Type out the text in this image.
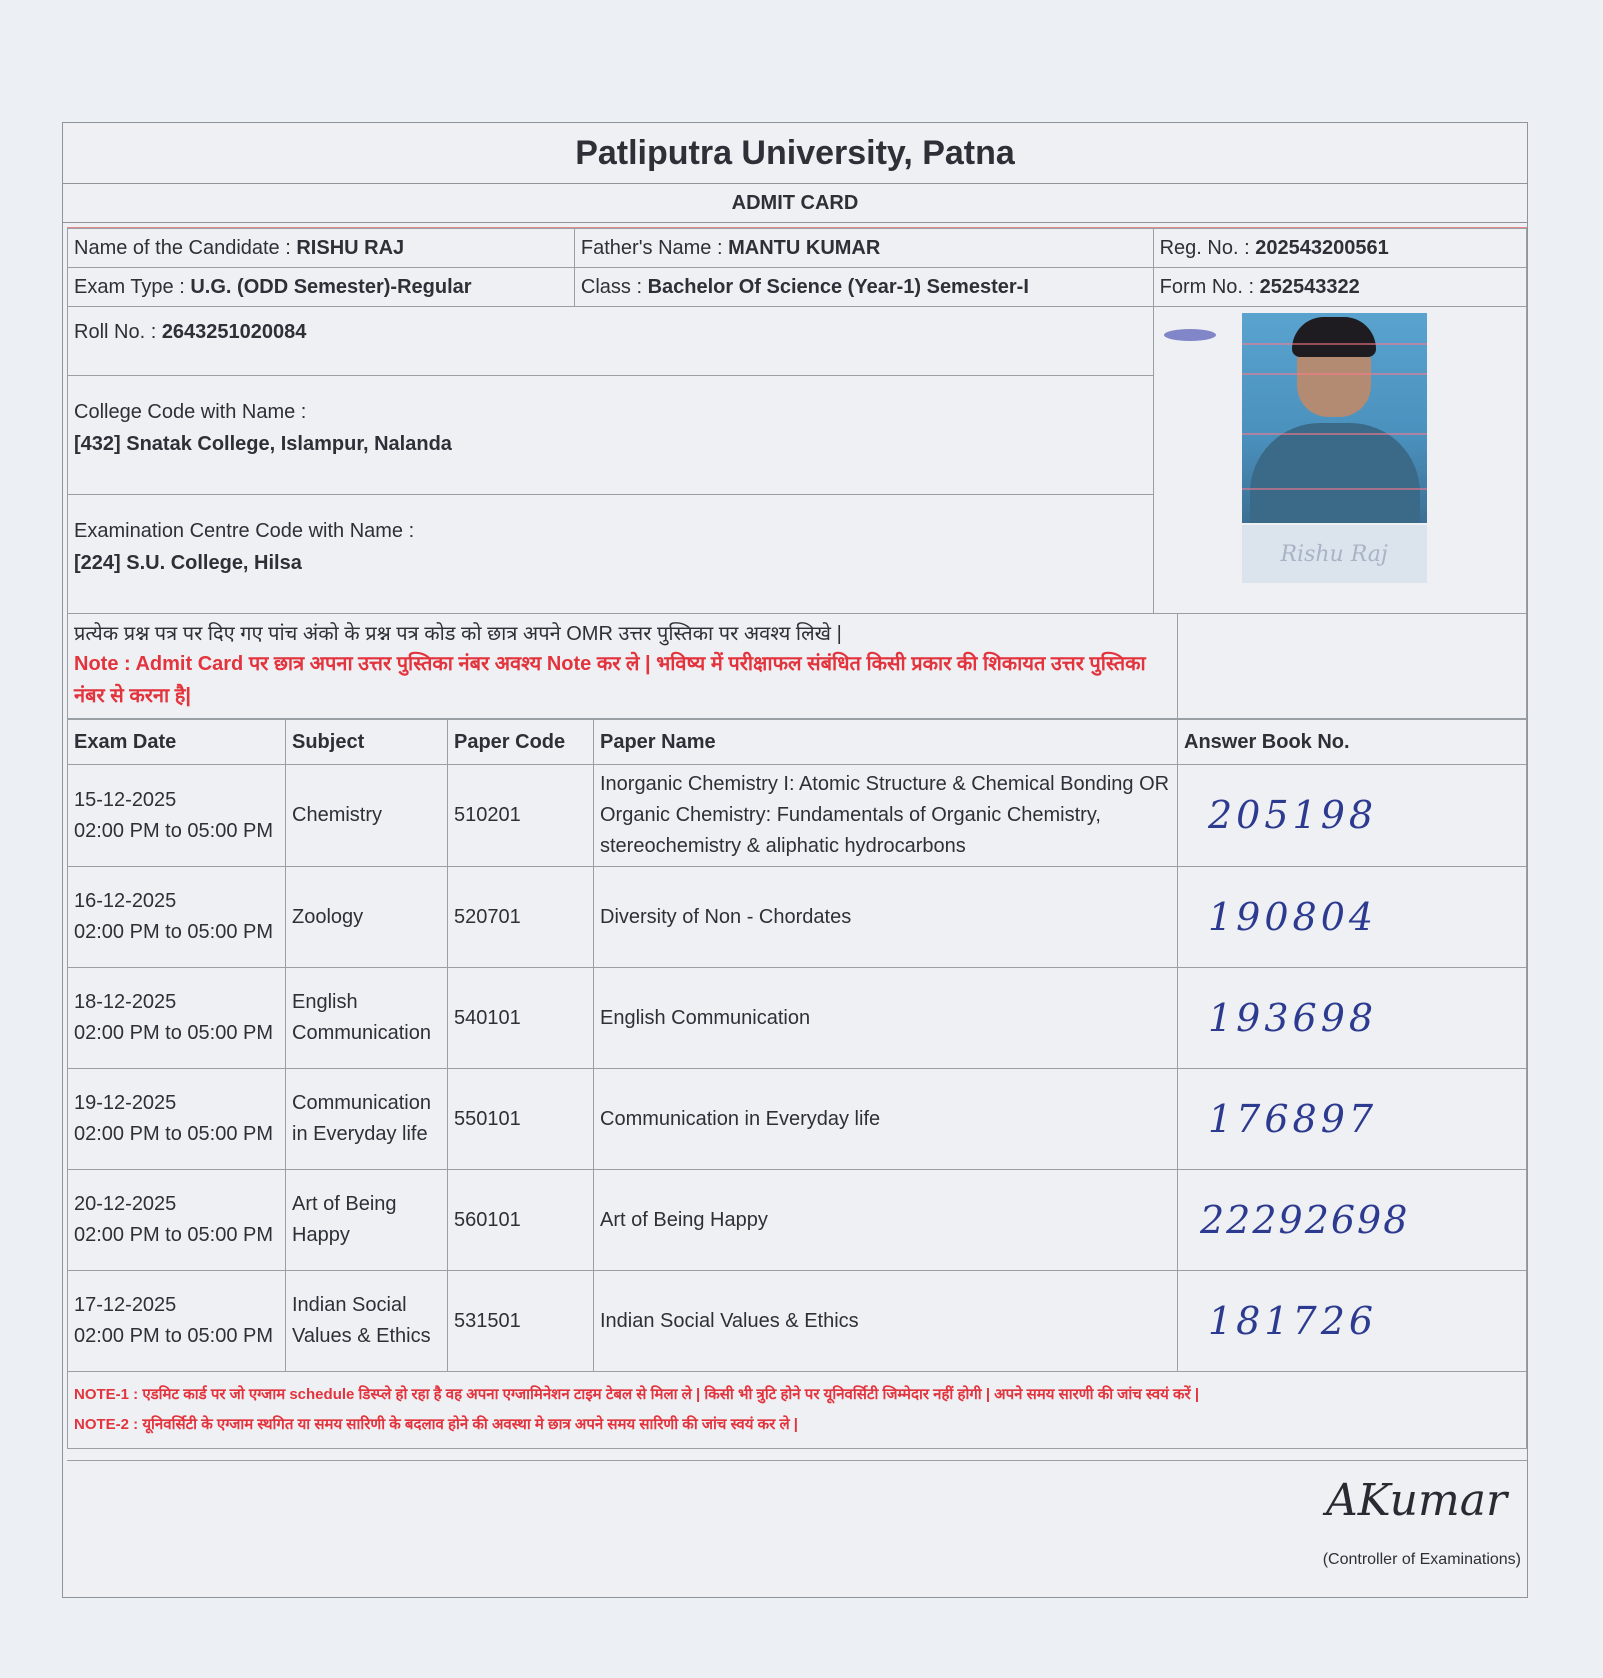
Patliputra University, Patna
ADMIT CARD
Name of the Candidate : RISHU RAJ	Father's Name : MANTU KUMAR	Reg. No. : 202543200561
Exam Type : U.G. (ODD Semester)-Regular	Class : Bachelor Of Science (Year-1) Semester-I	Form No. : 252543322
Roll No. : 2643251020084		Rishu Raj

College Code with Name :
[432] Snatak College, Islampur, Nalanda		

Examination Centre Code with Name :
[224] S.U. College, Hilsa		
प्रत्येक प्रश्न पत्र पर दिए गए पांच अंको के प्रश्न पत्र कोड को छात्र अपने OMR उत्तर पुस्तिका पर अवश्य लिखे |
Note : Admit Card पर छात्र अपना उत्तर पुस्तिका नंबर अवश्य Note कर ले | भविष्य में परीक्षाफल संबंधित किसी प्रकार की शिकायत उत्तर पुस्तिका नंबर से करना है|

Exam Date	Subject	Paper Code	Paper Name	Answer Book No.

15-12-2025
02:00 PM to 05:00 PM	Chemistry	510201	Inorganic Chemistry I: Atomic Structure & Chemical Bonding OR Organic Chemistry: Fundamentals of Organic Chemistry, stereochemistry & aliphatic hydrocarbons	205198

16-12-2025
02:00 PM to 05:00 PM	Zoology	520701	Diversity of Non - Chordates	190804

18-12-2025
02:00 PM to 05:00 PM	English Communication	540101	English Communication	193698

19-12-2025
02:00 PM to 05:00 PM	Communication in Everyday life	550101	Communication in Everyday life	176897

20-12-2025
02:00 PM to 05:00 PM	Art of Being Happy	560101	Art of Being Happy	22292698

17-12-2025
02:00 PM to 05:00 PM	Indian Social Values & Ethics	531501	Indian Social Values & Ethics	181726
NOTE-1 : एडमिट कार्ड पर जो एग्जाम schedule डिस्प्ले हो रहा है वह अपना एग्जामिनेशन टाइम टेबल से मिला ले | किसी भी त्रुटि होने पर यूनिवर्सिटी जिम्मेदार नहीं होगी | अपने समय सारणी की जांच स्वयं करें |
NOTE-2 : यूनिवर्सिटी के एग्जाम स्थगित या समय सारिणी के बदलाव होने की अवस्था मे छात्र अपने समय सारिणी की जांच स्वयं कर ले |
AKumar
(Controller of Examinations)
